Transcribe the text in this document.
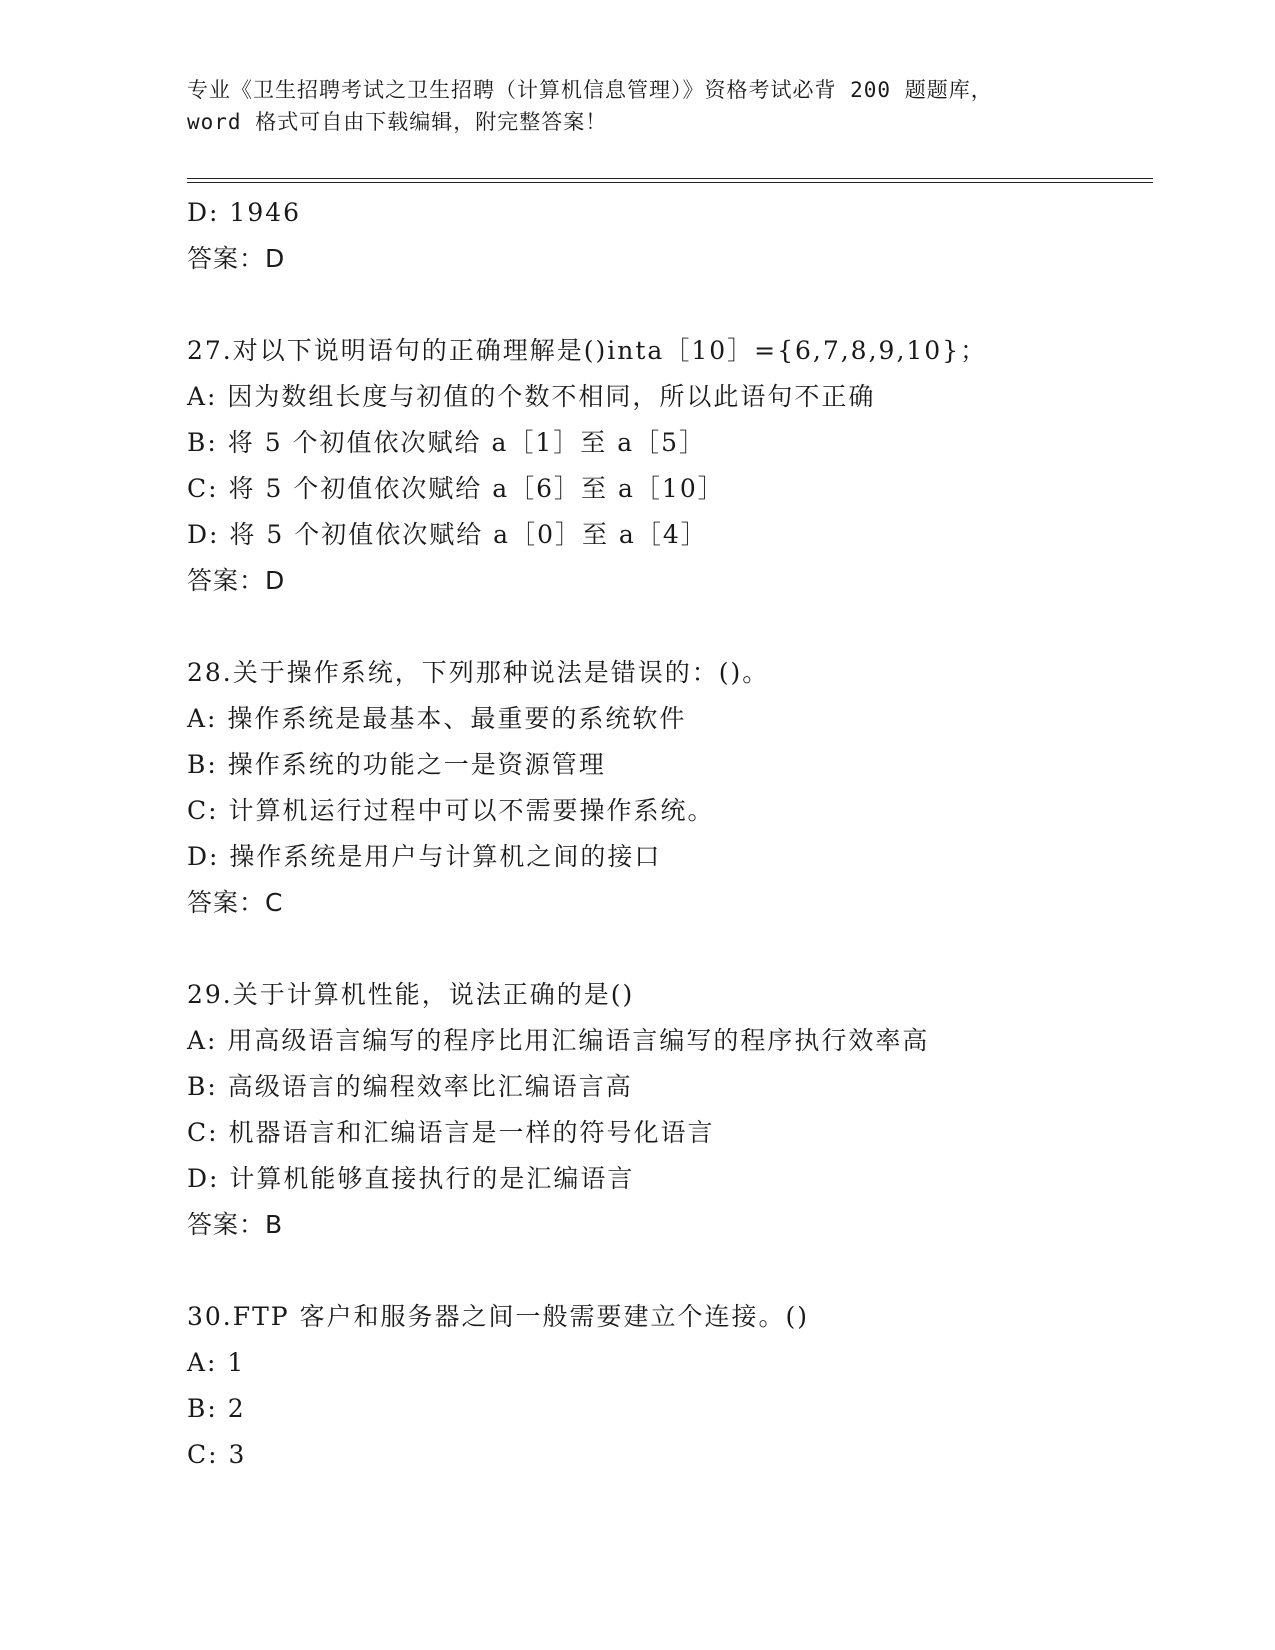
专业《卫生招聘考试之卫生招聘（计算机信息管理）》资格考试必背 200 题题库，
word 格式可自由下载编辑，附完整答案！
D: 1946
答案：D
27.对以下说明语句的正确理解是()inta［10］={6,7,8,9,10}；
A: 因为数组长度与初值的个数不相同，所以此语句不正确
B: 将 5 个初值依次赋给 a［1］至 a［5］
C: 将 5 个初值依次赋给 a［6］至 a［10］
D: 将 5 个初值依次赋给 a［0］至 a［4］
答案：D
28.关于操作系统，下列那种说法是错误的：()。
A: 操作系统是最基本、最重要的系统软件
B: 操作系统的功能之一是资源管理
C: 计算机运行过程中可以不需要操作系统。
D: 操作系统是用户与计算机之间的接口
答案：C
29.关于计算机性能，说法正确的是()
A: 用高级语言编写的程序比用汇编语言编写的程序执行效率高
B: 高级语言的编程效率比汇编语言高
C: 机器语言和汇编语言是一样的符号化语言
D: 计算机能够直接执行的是汇编语言
答案：B
30.FTP 客户和服务器之间一般需要建立个连接。()
A: 1
B: 2
C: 3
